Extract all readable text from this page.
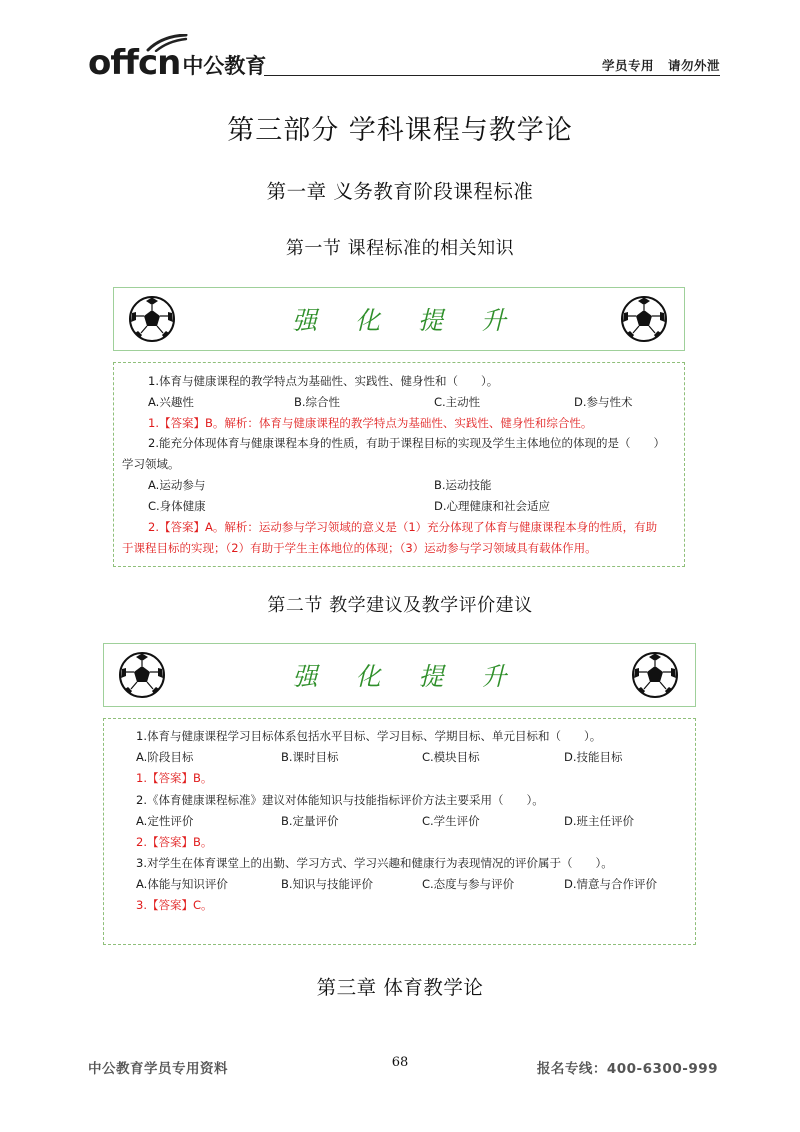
offcn 中公教育	学员专用 请勿外泄
第三部分 学科课程与教学论
第一章 义务教育阶段课程标准
第一节 课程标准的相关知识
强化提升
1.体育与健康课程的教学特点为基础性、实践性、健身性和（　　）。
A.兴趣性	B.综合性	C.主动性	D.参与性术
1.【答案】B。解析：体育与健康课程的教学特点为基础性、实践性、健身性和综合性。
2.能充分体现体育与健康课程本身的性质，有助于课程目标的实现及学生主体地位的体现的是（　　）
学习领域。
A.运动参与	B.运动技能
C.身体健康	D.心理健康和社会适应
2.【答案】A。解析：运动参与学习领域的意义是（1）充分体现了体育与健康课程本身的性质，有助
于课程目标的实现；（2）有助于学生主体地位的体现；（3）运动参与学习领域具有载体作用。
第二节 教学建议及教学评价建议
强化提升
1.体育与健康课程学习目标体系包括水平目标、学习目标、学期目标、单元目标和（　　）。
A.阶段目标	B.课时目标	C.模块目标	D.技能目标
1.【答案】B。
2.《体育健康课程标准》建议对体能知识与技能指标评价方法主要采用（　　）。
A.定性评价	B.定量评价	C.学生评价	D.班主任评价
2.【答案】B。
3.对学生在体育课堂上的出勤、学习方式、学习兴趣和健康行为表现情况的评价属于（　　）。
A.体能与知识评价	B.知识与技能评价	C.态度与参与评价	D.情意与合作评价
3.【答案】C。
第三章 体育教学论
中公教育学员专用资料	68	报名专线：400-6300-999
